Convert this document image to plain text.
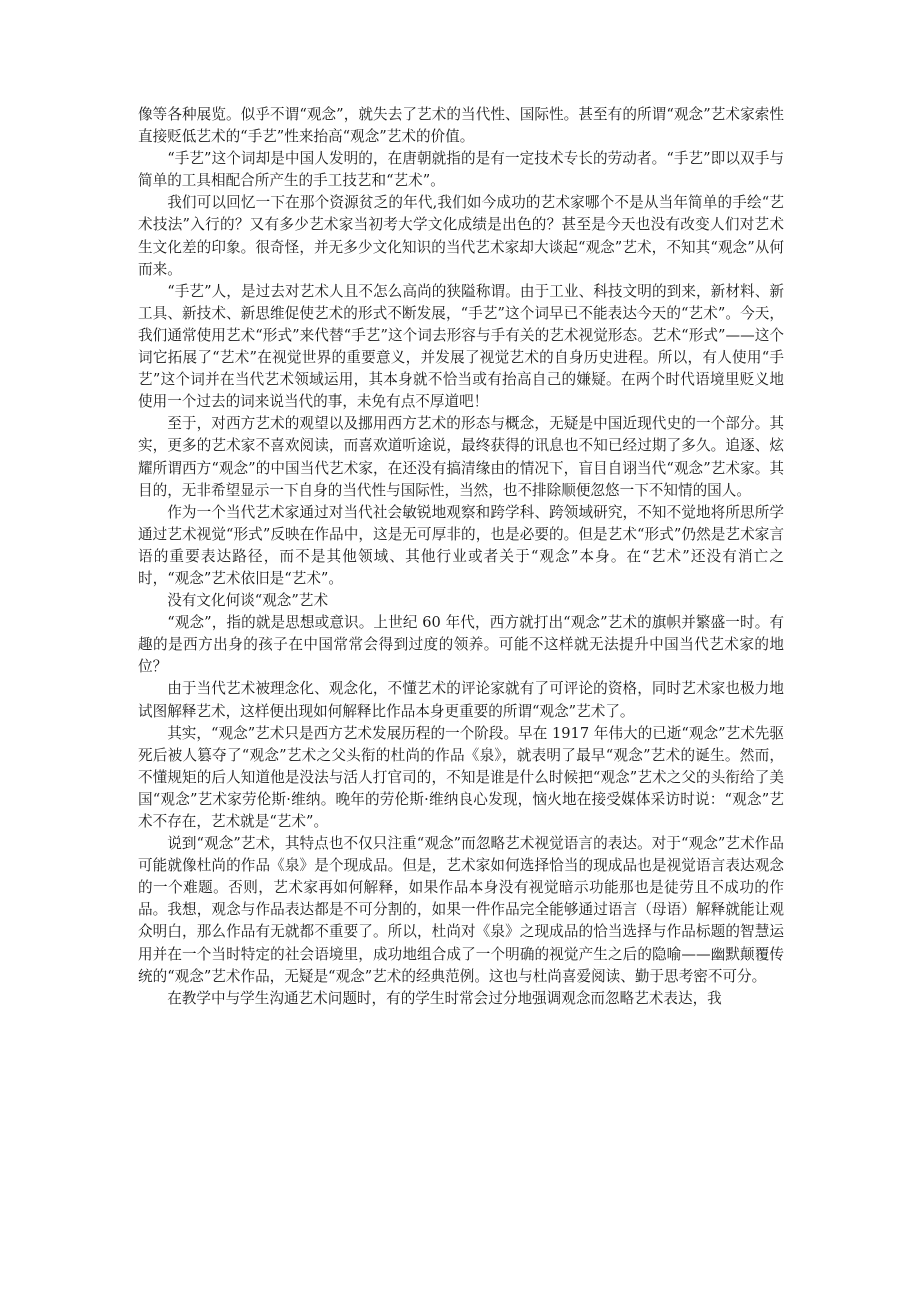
像等各种展览。似乎不谓“观念”，就失去了艺术的当代性、国际性。甚至有的所谓“观念”艺术家索性直接贬低艺术的“手艺”性来抬高“观念”艺术的价值。

“手艺”这个词却是中国人发明的，在唐朝就指的是有一定技术专长的劳动者。“手艺”即以双手与简单的工具相配合所产生的手工技艺和“艺术”。

我们可以回忆一下在那个资源贫乏的年代,我们如今成功的艺术家哪个不是从当年简单的手绘“艺术技法”入行的？又有多少艺术家当初考大学文化成绩是出色的？甚至是今天也没有改变人们对艺术生文化差的印象。很奇怪，并无多少文化知识的当代艺术家却大谈起“观念”艺术，不知其“观念”从何而来。

“手艺”人，是过去对艺术人且不怎么高尚的狭隘称谓。由于工业、科技文明的到来，新材料、新工具、新技术、新思维促使艺术的形式不断发展，“手艺”这个词早已不能表达今天的“艺术”。今天，我们通常使用艺术“形式”来代替“手艺”这个词去形容与手有关的艺术视觉形态。艺术“形式”——这个词它拓展了“艺术”在视觉世界的重要意义，并发展了视觉艺术的自身历史进程。所以，有人使用“手艺”这个词并在当代艺术领域运用，其本身就不恰当或有抬高自己的嫌疑。在两个时代语境里贬义地使用一个过去的词来说当代的事，未免有点不厚道吧！

至于，对西方艺术的观望以及挪用西方艺术的形态与概念，无疑是中国近现代史的一个部分。其实，更多的艺术家不喜欢阅读，而喜欢道听途说，最终获得的讯息也不知已经过期了多久。追逐、炫耀所谓西方“观念”的中国当代艺术家，在还没有搞清缘由的情况下，盲目自诩当代“观念”艺术家。其目的，无非希望显示一下自身的当代性与国际性，当然，也不排除顺便忽悠一下不知情的国人。

作为一个当代艺术家通过对当代社会敏锐地观察和跨学科、跨领域研究，不知不觉地将所思所学通过艺术视觉“形式”反映在作品中，这是无可厚非的，也是必要的。但是艺术“形式”仍然是艺术家言语的重要表达路径，而不是其他领域、其他行业或者关于“观念”本身。在“艺术”还没有消亡之时，“观念”艺术依旧是“艺术”。

没有文化何谈“观念”艺术

“观念”，指的就是思想或意识。上世纪 60 年代，西方就打出“观念”艺术的旗帜并繁盛一时。有趣的是西方出身的孩子在中国常常会得到过度的领养。可能不这样就无法提升中国当代艺术家的地位？

由于当代艺术被理念化、观念化，不懂艺术的评论家就有了可评论的资格，同时艺术家也极力地试图解释艺术，这样便出现如何解释比作品本身更重要的所谓“观念”艺术了。

其实，“观念”艺术只是西方艺术发展历程的一个阶段。早在 1917 年伟大的已逝“观念”艺术先驱死后被人篡夺了“观念”艺术之父头衔的杜尚的作品《泉》，就表明了最早“观念”艺术的诞生。然而，不懂规矩的后人知道他是没法与活人打官司的，不知是谁是什么时候把“观念”艺术之父的头衔给了美国“观念”艺术家劳伦斯·维纳。晚年的劳伦斯·维纳良心发现，恼火地在接受媒体采访时说：“观念”艺术不存在，艺术就是“艺术”。

说到“观念”艺术，其特点也不仅只注重“观念”而忽略艺术视觉语言的表达。对于“观念”艺术作品可能就像杜尚的作品《泉》是个现成品。但是，艺术家如何选择恰当的现成品也是视觉语言表达观念的一个难题。否则，艺术家再如何解释，如果作品本身没有视觉暗示功能那也是徒劳且不成功的作品。我想，观念与作品表达都是不可分割的，如果一件作品完全能够通过语言（母语）解释就能让观众明白，那么作品有无就都不重要了。所以，杜尚对《泉》之现成品的恰当选择与作品标题的智慧运用并在一个当时特定的社会语境里，成功地组合成了一个明确的视觉产生之后的隐喻——幽默颠覆传统的“观念”艺术作品，无疑是“观念”艺术的经典范例。这也与杜尚喜爱阅读、勤于思考密不可分。

在教学中与学生沟通艺术问题时，有的学生时常会过分地强调观念而忽略艺术表达，我
